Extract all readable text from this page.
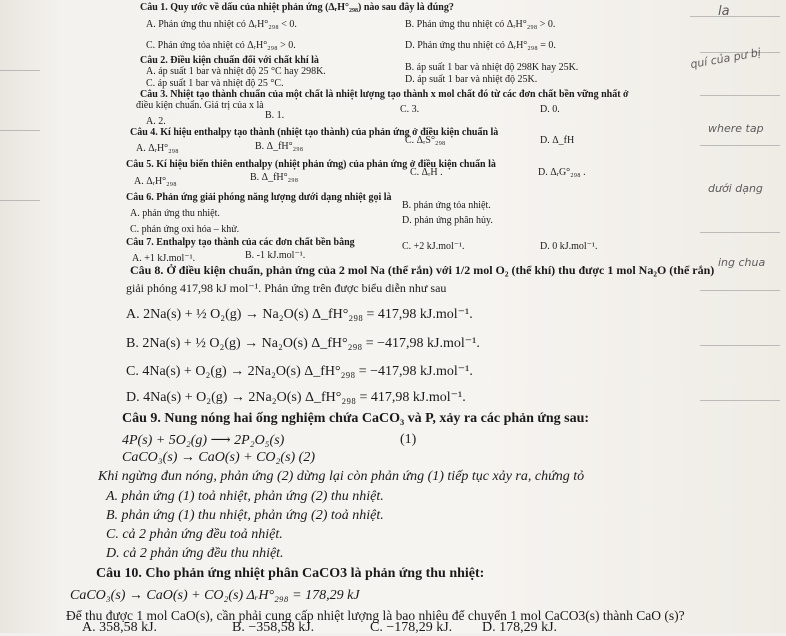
la
quí của pư bị
where tap
dưới dạng
ing chua
Câu 1. Quy ước về dấu của nhiệt phản ứng (ΔᵣH°₂₉₈) nào sau đây là đúng?
A. Phản ứng thu nhiệt có ΔᵣH°₂₉₈ < 0.	B. Phản ứng thu nhiệt có ΔᵣH°₂₉₈ > 0.
C. Phản ứng tỏa nhiệt có ΔᵣH°₂₉₈ > 0.	D. Phản ứng thu nhiệt có ΔᵣH°₂₉₈ = 0.
Câu 2. Điều kiện chuẩn đối với chất khí là
A. áp suất 1 bar và nhiệt độ 25 °C hay 298K.	B. áp suất 1 bar và nhiệt độ 298K hay 25K.
C. áp suất 1 bar và nhiệt độ 25 °C.	D. áp suất 1 bar và nhiệt độ 25K.
Câu 3. Nhiệt tạo thành chuẩn của một chất là nhiệt lượng tạo thành x mol chất đó từ các đơn chất bền vững nhất ở
điều kiện chuẩn. Giá trị của x là
A. 2.
B. 1.
C. 3.	D. 0.
Câu 4. Kí hiệu enthalpy tạo thành (nhiệt tạo thành) của phản ứng ở điều kiện chuẩn là
A. ΔᵣH°₂₉₈	B. Δ_fH°₂₉₈
C. ΔᵣS°₂₉₈	D. Δ_fH
Câu 5. Kí hiệu biến thiên enthalpy (nhiệt phản ứng) của phản ứng ở điều kiện chuẩn là
A. ΔᵣH°₂₉₈	B. Δ_fH°₂₉₈	C. ΔᵣH .	D. ΔᵣG°₂₉₈ .
Câu 6. Phản ứng giải phóng năng lượng dưới dạng nhiệt gọi là
A. phản ứng thu nhiệt.
B. phản ứng tỏa nhiệt.
C. phản ứng oxi hóa – khử.
D. phản ứng phân hủy.
Câu 7. Enthalpy tạo thành của các đơn chất bền bằng
A. +1 kJ.mol⁻¹.	B. -1 kJ.mol⁻¹.
C. +2 kJ.mol⁻¹.	D. 0 kJ.mol⁻¹.
Câu 8. Ở điều kiện chuẩn, phản ứng của 2 mol Na (thể rắn) với 1/2 mol O₂ (thể khí) thu được 1 mol Na₂O (thể rắn)
giải phóng 417,98 kJ mol⁻¹. Phản ứng trên được biểu diễn như sau
A. 2Na(s) + ½ O₂(g) → Na₂O(s) Δ_fH°₂₉₈ = 417,98 kJ.mol⁻¹.
B. 2Na(s) + ½ O₂(g) → Na₂O(s) Δ_fH°₂₉₈ = −417,98 kJ.mol⁻¹.
C. 4Na(s) + O₂(g) → 2Na₂O(s) Δ_fH°₂₉₈ = −417,98 kJ.mol⁻¹.
D. 4Na(s) + O₂(g) → 2Na₂O(s) Δ_fH°₂₉₈ = 417,98 kJ.mol⁻¹.
Câu 9. Nung nóng hai ống nghiệm chứa CaCO₃ và P, xảy ra các phản ứng sau:
4P(s) + 5O₂(g) ⟶ 2P₂O₅(s)	(1)
CaCO₃(s) → CaO(s) + CO₂(s) (2)
Khi ngừng đun nóng, phản ứng (2) dừng lại còn phản ứng (1) tiếp tục xảy ra, chứng tỏ
A. phản ứng (1) toả nhiệt, phản ứng (2) thu nhiệt.
B. phản ứng (1) thu nhiệt, phản ứng (2) toả nhiệt.
C. cả 2 phản ứng đều toả nhiệt.
D. cả 2 phản ứng đều thu nhiệt.
Câu 10. Cho phản ứng nhiệt phân CaCO3 là phản ứng thu nhiệt:
CaCO₃(s) → CaO(s) + CO₂(s) ΔᵣH°₂₉₈ = 178,29 kJ
Để thu được 1 mol CaO(s), cần phải cung cấp nhiệt lượng là bao nhiêu để chuyển 1 mol CaCO3(s) thành CaO (s)?
A. 358,58 kJ.	B. −358,58 kJ.	C. −178,29 kJ. D. 178,29 kJ.
